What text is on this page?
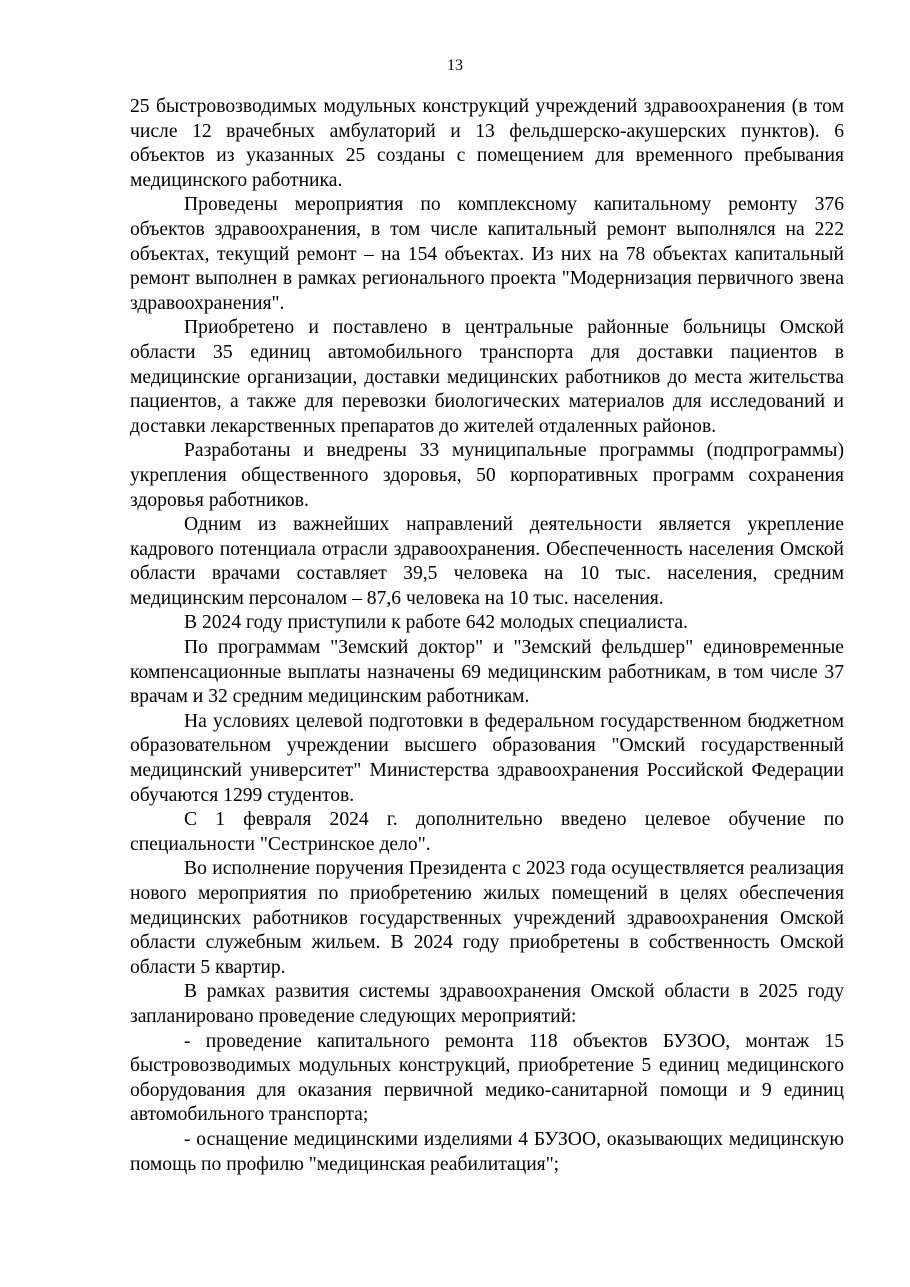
13

25 быстровозводимых модульных конструкций учреждений здравоохранения (в том числе 12 врачебных амбулаторий и 13 фельдшерско-акушерских пунктов). 6 объектов из указанных 25 созданы с помещением для временного пребывания медицинского работника.

Проведены мероприятия по комплексному капитальному ремонту 376 объектов здравоохранения, в том числе капитальный ремонт выполнялся на 222 объектах, текущий ремонт – на 154 объектах. Из них на 78 объектах капитальный ремонт выполнен в рамках регионального проекта "Модернизация первичного звена здравоохранения".

Приобретено и поставлено в центральные районные больницы Омской области 35 единиц автомобильного транспорта для доставки пациентов в медицинские организации, доставки медицинских работников до места жительства пациентов, а также для перевозки биологических материалов для исследований и доставки лекарственных препаратов до жителей отдаленных районов.

Разработаны и внедрены 33 муниципальные программы (подпрограммы) укрепления общественного здоровья, 50 корпоративных программ сохранения здоровья работников.

Одним из важнейших направлений деятельности является укрепление кадрового потенциала отрасли здравоохранения. Обеспеченность населения Омской области врачами составляет 39,5 человека на 10 тыс. населения, средним медицинским персоналом – 87,6 человека на 10 тыс. населения.

В 2024 году приступили к работе 642 молодых специалиста.

По программам "Земский доктор" и "Земский фельдшер" единовременные компенсационные выплаты назначены 69 медицинским работникам, в том числе 37 врачам и 32 средним медицинским работникам.

На условиях целевой подготовки в федеральном государственном бюджетном образовательном учреждении высшего образования "Омский государственный медицинский университет" Министерства здравоохранения Российской Федерации обучаются 1299 студентов.

С 1 февраля 2024 г. дополнительно введено целевое обучение по специальности "Сестринское дело".

Во исполнение поручения Президента с 2023 года осуществляется реализация нового мероприятия по приобретению жилых помещений в целях обеспечения медицинских работников государственных учреждений здравоохранения Омской области служебным жильем. В 2024 году приобретены в собственность Омской области 5 квартир.

В рамках развития системы здравоохранения Омской области в 2025 году запланировано проведение следующих мероприятий:

- проведение капитального ремонта 118 объектов БУЗОО, монтаж 15 быстровозводимых модульных конструкций, приобретение 5 единиц медицинского оборудования для оказания первичной медико-санитарной помощи и 9 единиц автомобильного транспорта;

- оснащение медицинскими изделиями 4 БУЗОО, оказывающих медицинскую помощь по профилю "медицинская реабилитация";
